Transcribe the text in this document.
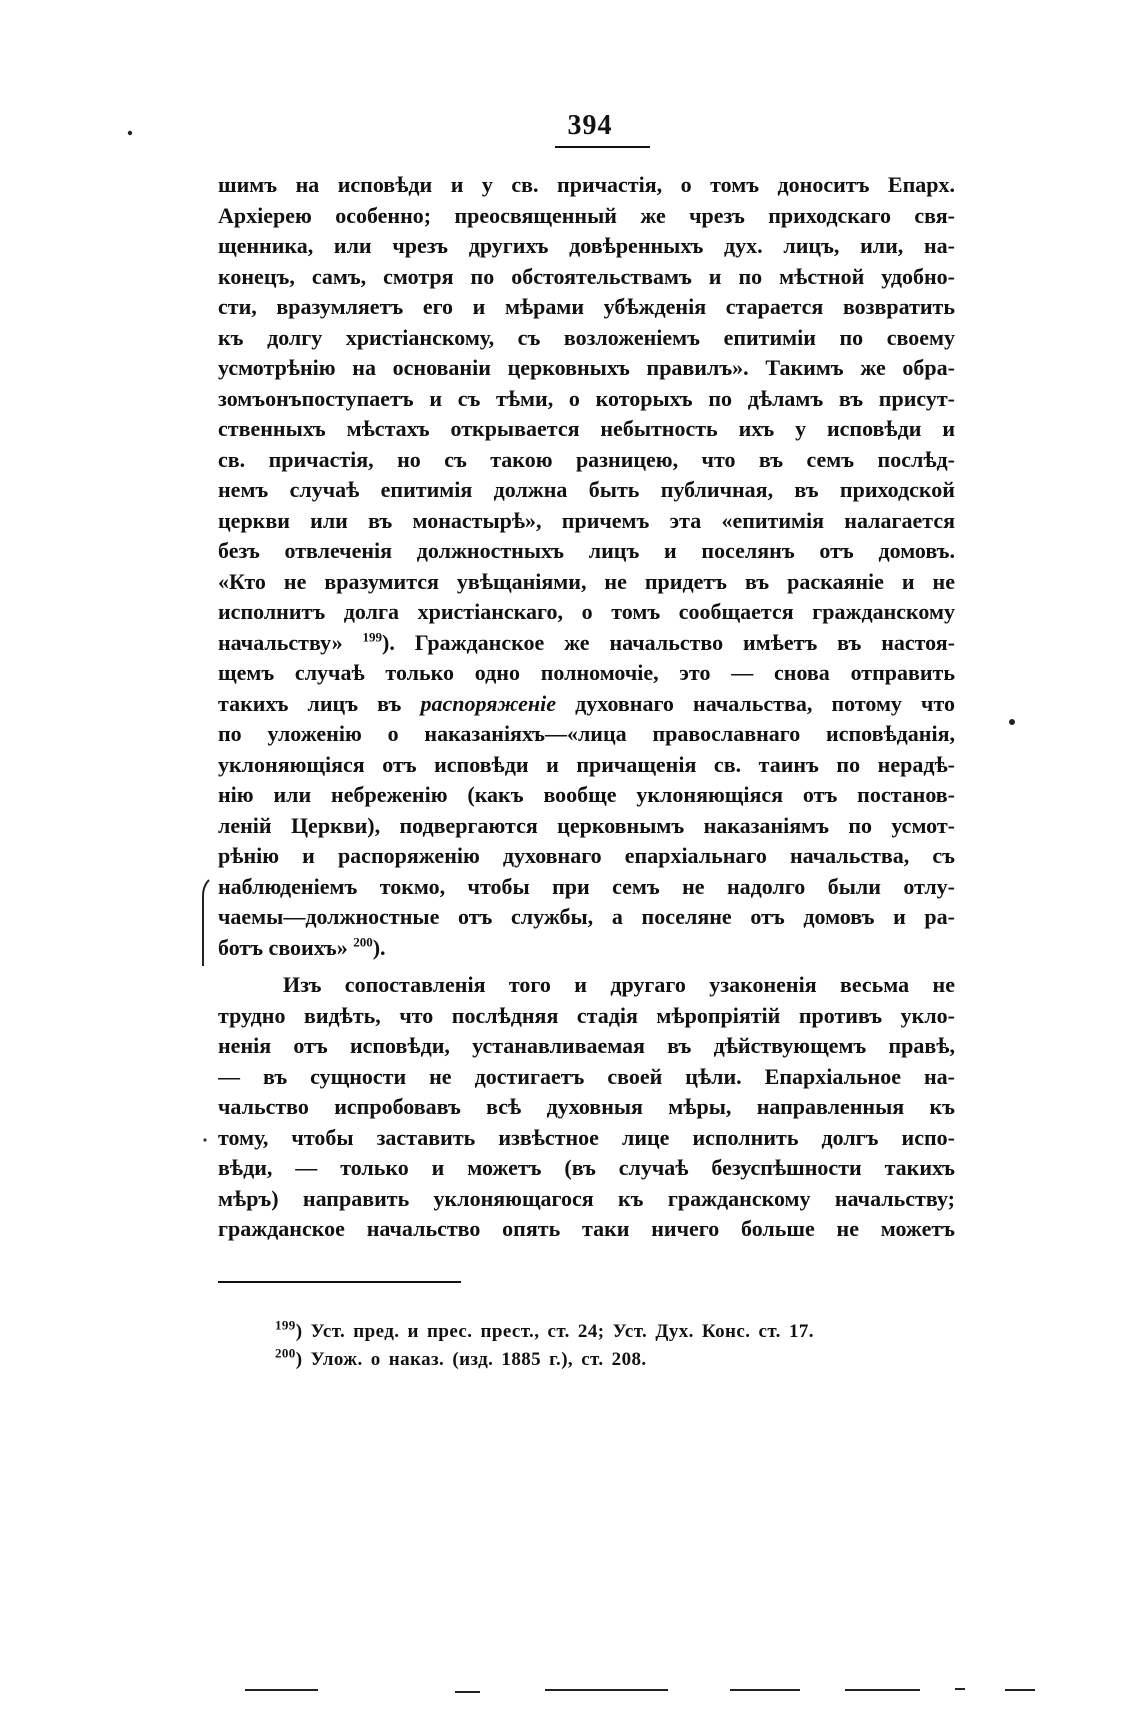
394
шимъ на исповѣди и у св. причастія, о томъ доноситъ Епарх.
Архіерею особенно; преосвященный же чрезъ приходскаго свя-
щенника, или чрезъ другихъ довѣренныхъ дух. лицъ, или, на-
конецъ, самъ, смотря по обстоятельствамъ и по мѣстной удобно-
сти, вразумляетъ его и мѣрами убѣжденія старается возвратить
къ долгу христіанскому, съ возложеніемъ епитиміи по своему
усмотрѣнію на основаніи церковныхъ правилъ». Такимъ же обра-
зомъонъпоступаетъ и съ тѣми, о которыхъ по дѣламъ въ присут-
ственныхъ мѣстахъ открывается небытность ихъ у исповѣди и
св. причастія, но съ такою разницею, что въ семъ послѣд-
немъ случаѣ епитимія должна быть публичная, въ приходской
церкви или въ монастырѣ», причемъ эта «епитимія налагается
безъ отвлеченія должностныхъ лицъ и поселянъ отъ домовъ.
«Кто не вразумится увѣщаніями, не придетъ въ раскаяніе и не
исполнитъ долга христіанскаго, о томъ сообщается гражданскому
начальству» $^{199}$). Гражданское же начальство имѣетъ въ настоя-
щемъ случаѣ только одно полномочіе, это — снова отправить
такихъ лицъ въ распоряженіе духовнаго начальства, потому что
по уложенію о наказаніяхъ—«лица православнаго исповѣданія,
уклоняющіяся отъ исповѣди и причащенія св. таинъ по нерадѣ-
нію или небреженію (какъ вообще уклоняющіяся отъ постанов-
леній Церкви), подвергаются церковнымъ наказаніямъ по усмот-
рѣнію и распоряженію духовнаго епархіальнаго начальства, съ
наблюденіемъ токмо, чтобы при семъ не надолго были отлу-
чаемы—должностные отъ службы, а поселяне отъ домовъ и ра-
ботъ своихъ» $^{200}$).
Изъ сопоставленія того и другаго узаконенія весьма не
трудно видѣть, что послѣдняя стадія мѣропріятій противъ укло-
ненія отъ исповѣди, устанавливаемая въ дѣйствующемъ правѣ,
— въ сущности не достигаетъ своей цѣли. Епархіальное на-
чальство испробовавъ всѣ духовныя мѣры, направленныя къ
тому, чтобы заставить извѣстное лице исполнить долгъ испо-
вѣди, — только и можетъ (въ случаѣ безуспѣшности такихъ
мѣръ) направить уклоняющагося къ гражданскому начальству;
гражданское начальство опять таки ничего больше не можетъ
$^{199}$) Уст. пред. и прес. прест., ст. 24; Уст. Дух. Конс. ст. 17.
$^{200}$) Улож. о наказ. (изд. 1885 г.), ст. 208.
